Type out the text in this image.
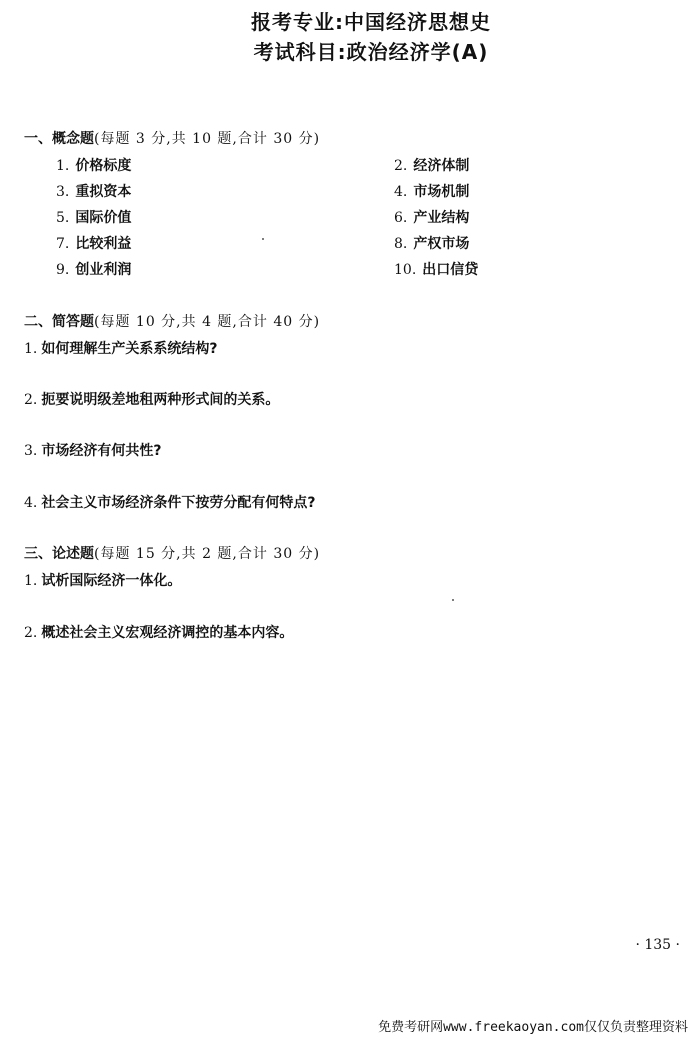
报考专业:中国经济思想史
考试科目:政治经济学(A)
一、概念题(每题 3 分,共 10 题,合计 30 分)
1. 价格标度	2. 经济体制
3. 重拟资本	4. 市场机制
5. 国际价值	6. 产业结构
7. 比较利益	8. 产权市场
9. 创业利润	10. 出口信贷
二、简答题(每题 10 分,共 4 题,合计 40 分)
1. 如何理解生产关系系统结构?
2. 扼要说明级差地租两种形式间的关系。
3. 市场经济有何共性?
4. 社会主义市场经济条件下按劳分配有何特点?
三、论述题(每题 15 分,共 2 题,合计 30 分)
1. 试析国际经济一体化。
2. 概述社会主义宏观经济调控的基本内容。
· 135 ·
免费考研网www.freekaoyan.com仅仅负责整理资料
